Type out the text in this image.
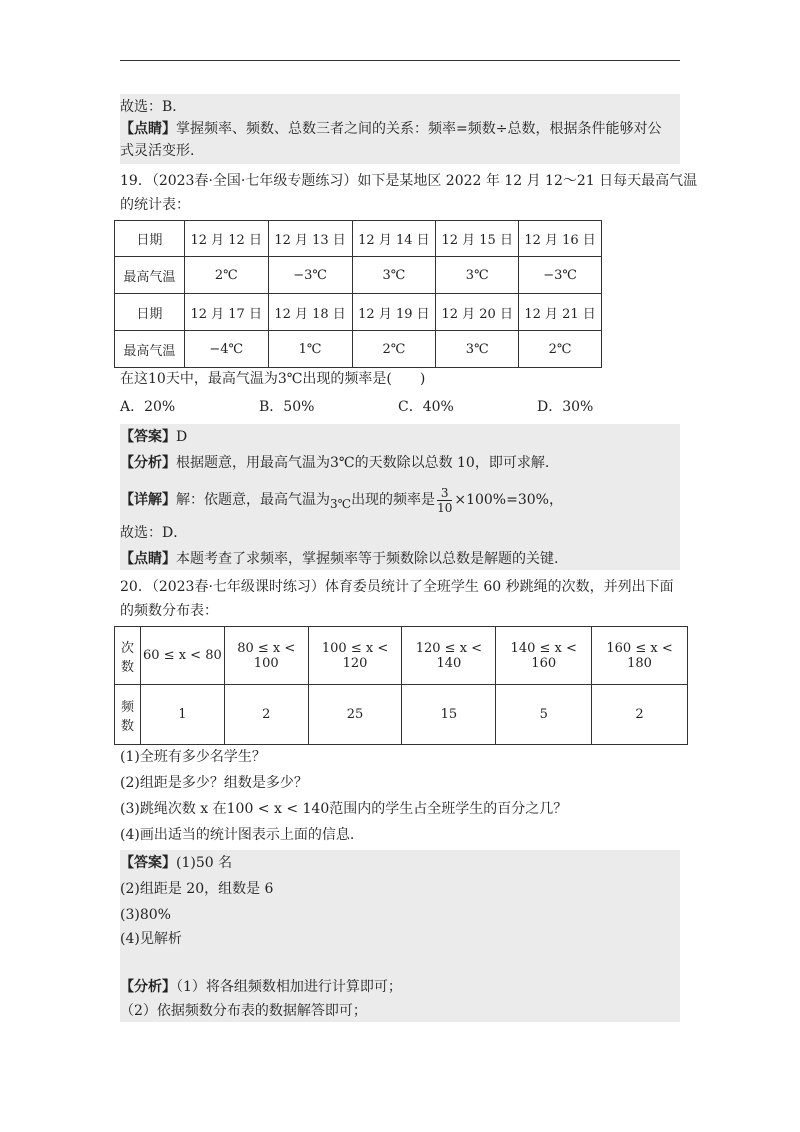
故选：B．
【点睛】掌握频率、频数、总数三者之间的关系：频率=频数÷总数，根据条件能够对公
式灵活变形.
19．（2023春·全国·七年级专题练习）如下是某地区 2022 年 12 月 12～21 日每天最高气温
的统计表：
日期	12 月 12 日	12 月 13 日	12 月 14 日	12 月 15 日	12 月 16 日
最高气温	2℃	−3℃	3℃	3℃	−3℃
日期	12 月 17 日	12 月 18 日	12 月 19 日	12 月 20 日	12 月 21 日
最高气温	−4℃	1℃	2℃	3℃	2℃
在这10天中，最高气温为3℃出现的频率是(　　)
A．20%	B．50%	C．40%	D．30%
【答案】D
【分析】根据题意，用最高气温为3℃的天数除以总数 10，即可求解.
【详解】解：依题意，最高气温为3℃出现的频率是 $\frac{3}{10} \times 100\%=30\%$，
故选：D．
【点睛】本题考查了求频率，掌握频率等于频数除以总数是解题的关键.
20．（2023春·七年级课时练习）体育委员统计了全班学生 60 秒跳绳的次数，并列出下面
的频数分布表：
次
数	60 ≤ x < 80	80 ≤ x < 100	100 ≤ x < 120	120 ≤ x < 140	140 ≤ x < 160	160 ≤ x < 180
频
数	1	2	25	15	5	2
(1)全班有多少名学生？
(2)组距是多少？组数是多少？
(3)跳绳次数 x 在100 < x < 140范围内的学生占全班学生的百分之几？
(4)画出适当的统计图表示上面的信息.
【答案】(1)50 名
(2)组距是 20，组数是 6
(3)80%
(4)见解析
【分析】（1）将各组频数相加进行计算即可；
（2）依据频数分布表的数据解答即可；
